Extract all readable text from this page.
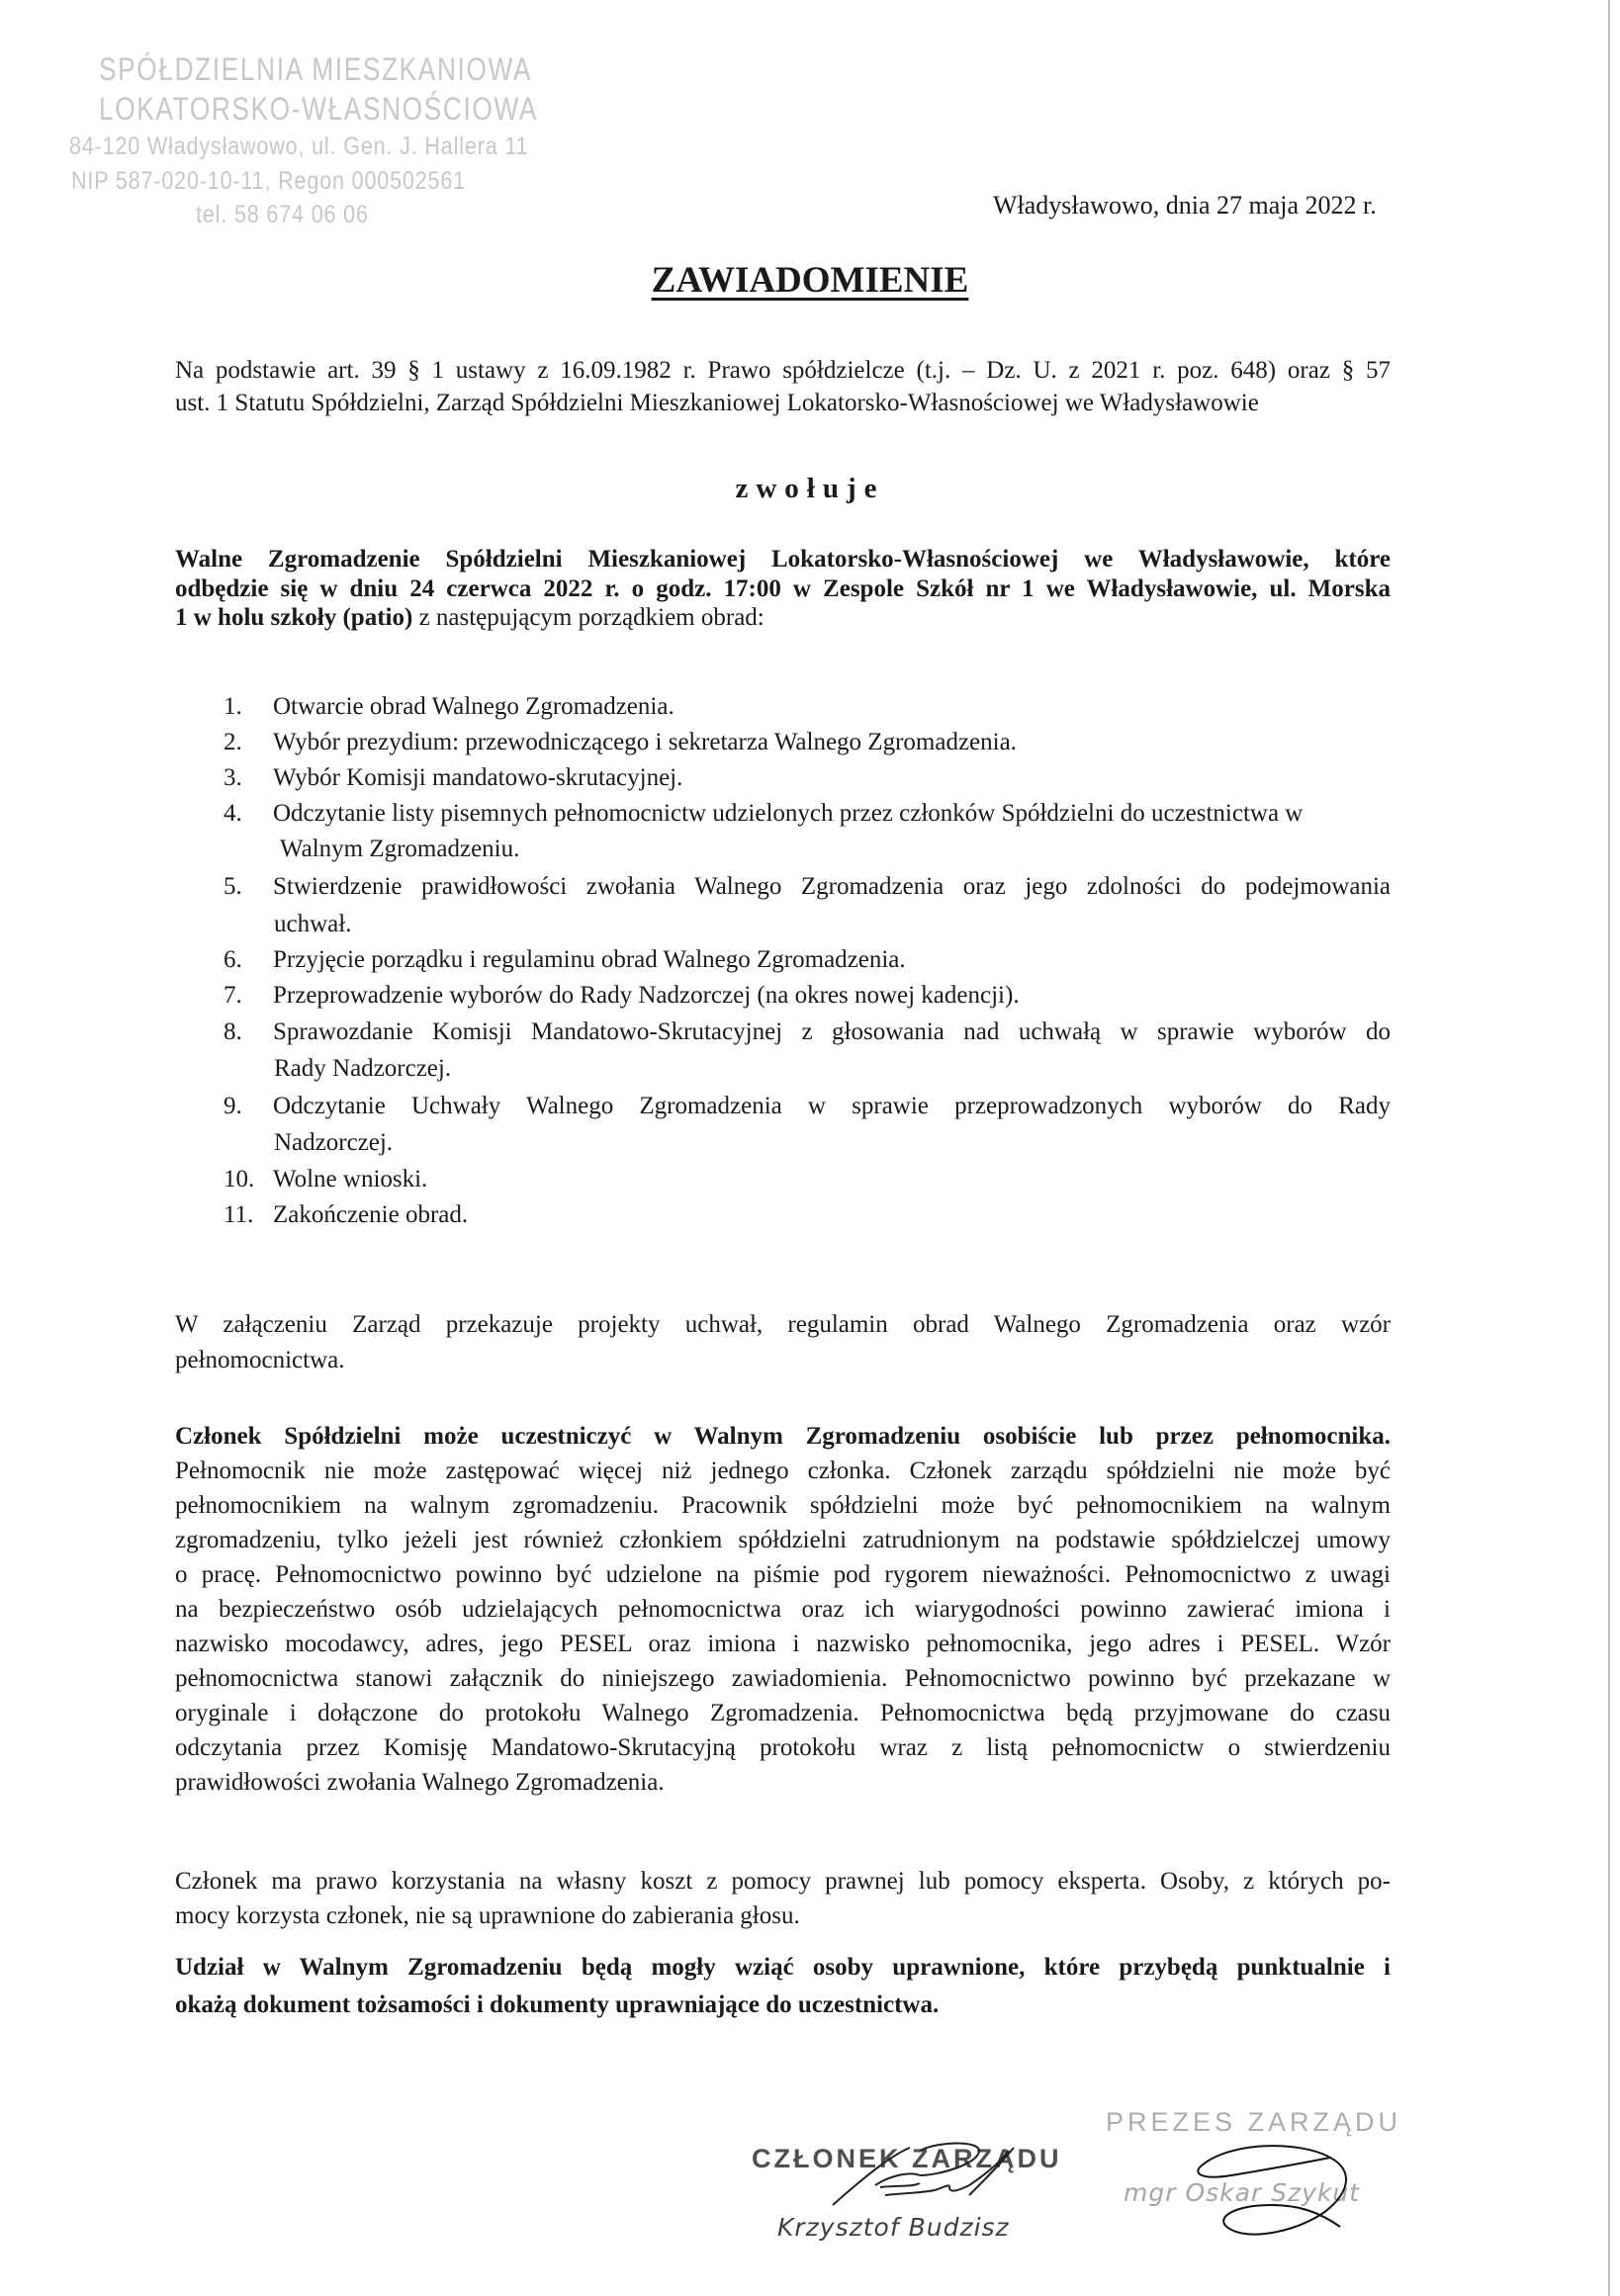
SPÓŁDZIELNIA MIESZKANIOWA
LOKATORSKO-WŁASNOŚCIOWA
84-120 Władysławowo, ul. Gen. J. Hallera 11
NIP 587-020-10-11, Regon 000502561
tel. 58 674 06 06	Władysławowo, dnia 27 maja 2022 r.
ZAWIADOMIENIE
Na podstawie art. 39 § 1 ustawy z 16.09.1982 r. Prawo spółdzielcze (t.j. – Dz. U. z 2021 r. poz. 648) oraz § 57
ust. 1 Statutu Spółdzielni, Zarząd Spółdzielni Mieszkaniowej Lokatorsko-Własnościowej we Władysławowie
zwołuje
Walne Zgromadzenie Spółdzielni Mieszkaniowej Lokatorsko-Własnościowej we Władysławowie, które
odbędzie się w dniu 24 czerwca 2022 r. o godz. 17:00 w Zespole Szkół nr 1 we Władysławowie, ul. Morska
1 w holu szkoły (patio) z następującym porządkiem obrad:
1. Otwarcie obrad Walnego Zgromadzenia.
2. Wybór prezydium: przewodniczącego i sekretarza Walnego Zgromadzenia.
3. Wybór Komisji mandatowo-skrutacyjnej.
4. Odczytanie listy pisemnych pełnomocnictw udzielonych przez członków Spółdzielni do uczestnictwa w
Walnym Zgromadzeniu.
5. Stwierdzenie prawidłowości zwołania Walnego Zgromadzenia oraz jego zdolności do podejmowania
uchwał.
6. Przyjęcie porządku i regulaminu obrad Walnego Zgromadzenia.
7. Przeprowadzenie wyborów do Rady Nadzorczej (na okres nowej kadencji).
8. Sprawozdanie Komisji Mandatowo-Skrutacyjnej z głosowania nad uchwałą w sprawie wyborów do
Rady Nadzorczej.
9. Odczytanie Uchwały Walnego Zgromadzenia w sprawie przeprowadzonych wyborów do Rady
Nadzorczej.
10. Wolne wnioski.
11. Zakończenie obrad.
W załączeniu Zarząd przekazuje projekty uchwał, regulamin obrad Walnego Zgromadzenia oraz wzór
pełnomocnictwa.
Członek Spółdzielni może uczestniczyć w Walnym Zgromadzeniu osobiście lub przez pełnomocnika.
Pełnomocnik nie może zastępować więcej niż jednego członka. Członek zarządu spółdzielni nie może być
pełnomocnikiem na walnym zgromadzeniu. Pracownik spółdzielni może być pełnomocnikiem na walnym
zgromadzeniu, tylko jeżeli jest również członkiem spółdzielni zatrudnionym na podstawie spółdzielczej umowy
o pracę. Pełnomocnictwo powinno być udzielone na piśmie pod rygorem nieważności. Pełnomocnictwo z uwagi
na bezpieczeństwo osób udzielających pełnomocnictwa oraz ich wiarygodności powinno zawierać imiona i
nazwisko mocodawcy, adres, jego PESEL oraz imiona i nazwisko pełnomocnika, jego adres i PESEL. Wzór
pełnomocnictwa stanowi załącznik do niniejszego zawiadomienia. Pełnomocnictwo powinno być przekazane w
oryginale i dołączone do protokołu Walnego Zgromadzenia. Pełnomocnictwa będą przyjmowane do czasu
odczytania przez Komisję Mandatowo-Skrutacyjną protokołu wraz z listą pełnomocnictw o stwierdzeniu
prawidłowości zwołania Walnego Zgromadzenia.
Członek ma prawo korzystania na własny koszt z pomocy prawnej lub pomocy eksperta. Osoby, z których po-
mocy korzysta członek, nie są uprawnione do zabierania głosu.
Udział w Walnym Zgromadzeniu będą mogły wziąć osoby uprawnione, które przybędą punktualnie i
okażą dokument tożsamości i dokumenty uprawniające do uczestnictwa.
CZŁONEK ZARZĄDU
Krzysztof Budzisz
PREZES ZARZĄDU
mgr Oskar Szykut
